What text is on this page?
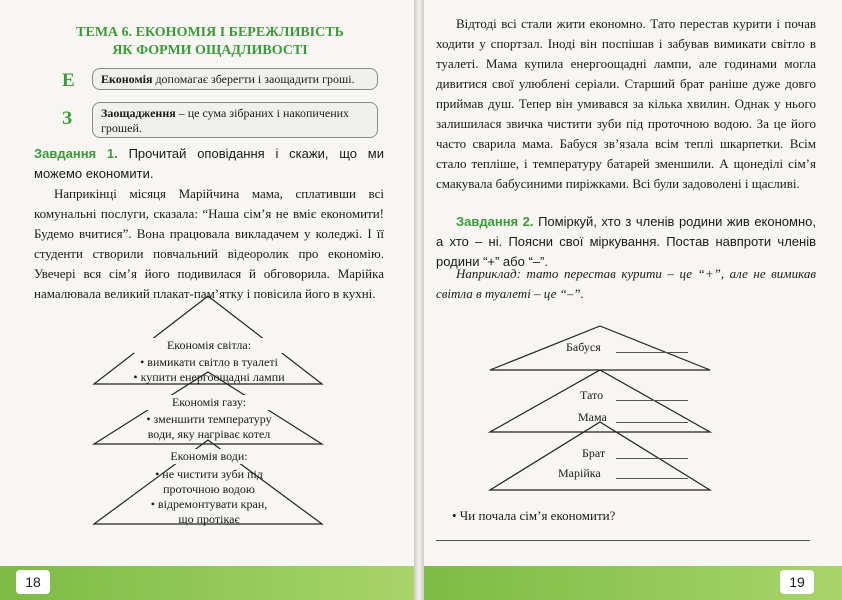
ТЕМА 6. ЕКОНОМІЯ І БЕРЕЖЛИВІСТЬ
ЯК ФОРМИ ОЩАДЛИВОСТІ
Е	Економія допомагає зберегти і заощадити гроші.
З	Заощадження – це сума зібраних і накопичених грошей.
Завдання 1. Прочитай оповідання і скажи, що ми можемо економити.
Наприкінці місяця Марійчина мама, сплативши всі комунальні послуги, сказала: “Наша сім’я не вміє економити! Будемо вчитися”. Вона працювала викладачем у коледжі. І її студенти створили повчальний відеоролик про економію. Увечері вся сім’я його подивилася й обговорила. Марійка намалювала великий плакат-пам’ятку і повісила його в кухні.
Економія світла:
• вимикати світло в туалеті
• купити енергоощадні лампи
Економія газу:
• зменшити температуру
води, яку нагріває котел
Економія води:
• не чистити зуби під
проточною водою
• відремонтувати кран,
що протікає
18
Відтоді всі стали жити економно. Тато перестав курити і почав ходити у спортзал. Іноді він поспішав і забував вимикати світло в туалеті. Мама купила енергоощадні лампи, але годинами могла дивитися свої улюблені серіали. Старший брат раніше дуже довго приймав душ. Тепер він умивався за кілька хвилин. Однак у нього залишилася звичка чистити зуби під проточною водою. За це його часто сварила мама. Бабуся зв’язала всім теплі шкарпетки. Всім стало тепліше, і температуру батарей зменшили. А щонеділі сім’я смакувала бабусиними пиріжками. Всі були задоволені і щасливі.
Завдання 2. Поміркуй, хто з членів родини жив економно, а хто – ні. Поясни свої міркування. Постав навпроти членів родини “+” або “–”.
Наприклад: тато перестав курити – це “+”, але не вимикав світла в туалеті – це “–”.
Бабуся
Тато
Мама
Брат
Марійка
• Чи почала сім’я економити?
19
